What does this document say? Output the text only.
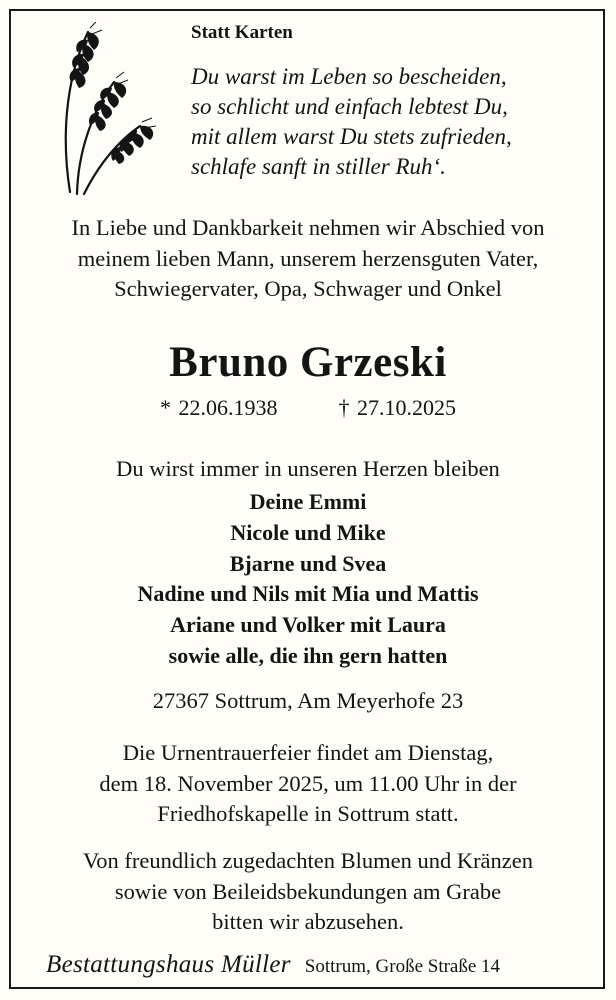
Statt Karten
Du warst im Leben so bescheiden,
so schlicht und einfach lebtest Du,
mit allem warst Du stets zufrieden,
schlafe sanft in stiller Ruh‘.
In Liebe und Dankbarkeit nehmen wir Abschied von
meinem lieben Mann, unserem herzensguten Vater,
Schwiegervater, Opa, Schwager und Onkel
Bruno Grzeski
* 22.06.1938	† 27.10.2025
Du wirst immer in unseren Herzen bleiben
Deine Emmi
Nicole und Mike
Bjarne und Svea
Nadine und Nils mit Mia und Mattis
Ariane und Volker mit Laura
sowie alle, die ihn gern hatten
27367 Sottrum, Am Meyerhofe 23
Die Urnentrauerfeier findet am Dienstag,
dem 18. November 2025, um 11.00 Uhr in der
Friedhofskapelle in Sottrum statt.
Von freundlich zugedachten Blumen und Kränzen
sowie von Beileidsbekundungen am Grabe
bitten wir abzusehen.
Bestattungshaus Müller Sottrum, Große Straße 14
